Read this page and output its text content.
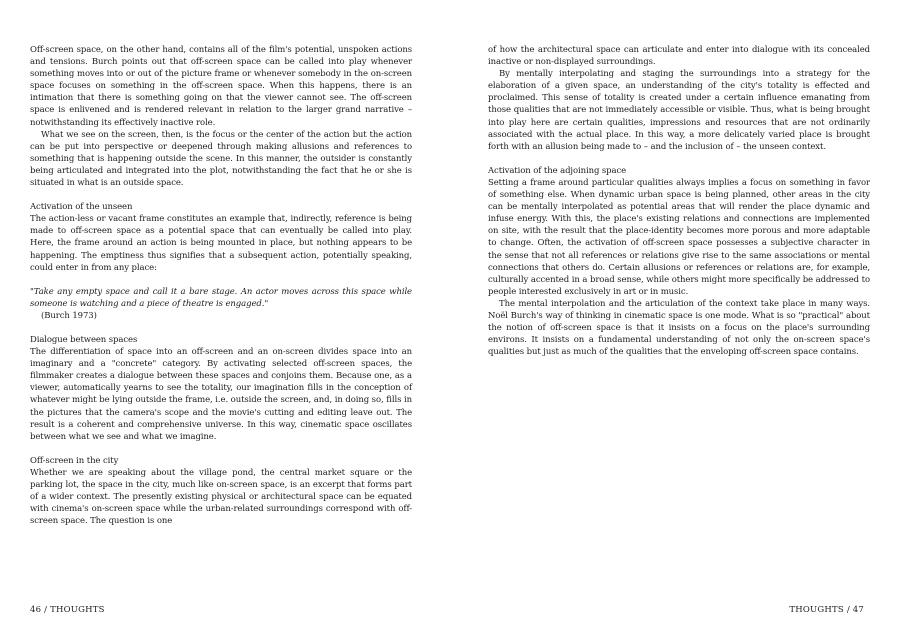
Off-screen space, on the other hand, contains all of the film's potential, unspoken actions and tensions. Burch points out that off-screen space can be called into play whenever something moves into or out of the picture frame or whenever somebody in the on-screen space focuses on something in the off-screen space. When this happens, there is an intimation that there is something going on that the viewer cannot see. The off-screen space is enlivened and is rendered relevant in relation to the larger grand narrative – notwithstanding its effectively inactive role.

What we see on the screen, then, is the focus or the center of the action but the action can be put into perspective or deepened through making allusions and references to something that is happening outside the scene. In this manner, the outsider is constantly being articulated and integrated into the plot, notwithstanding the fact that he or she is situated in what is an outside space.

Activation of the unseen

The action-less or vacant frame constitutes an example that, indirectly, reference is being made to off-screen space as a potential space that can eventually be called into play. Here, the frame around an action is being mounted in place, but nothing appears to be happening. The emptiness thus signifies that a subsequent action, potentially speaking, could enter in from any place:

"Take any empty space and call it a bare stage. An actor moves across this space while someone is watching and a piece of theatre is engaged."

(Burch 1973)

Dialogue between spaces

The differentiation of space into an off-screen and an on-screen divides space into an imaginary and a "concrete" category. By activating selected off-screen spaces, the filmmaker creates a dialogue between these spaces and conjoins them. Because one, as a viewer, automatically yearns to see the totality, our imagination fills in the conception of whatever might be lying outside the frame, i.e. outside the screen, and, in doing so, fills in the pictures that the camera's scope and the movie's cutting and editing leave out. The result is a coherent and comprehensive universe. In this way, cinematic space oscillates between what we see and what we imagine.

Off-screen in the city

Whether we are speaking about the village pond, the central market square or the parking lot, the space in the city, much like on-screen space, is an excerpt that forms part of a wider context. The presently existing physical or architectural space can be equated with cinema's on-screen space while the urban-related surroundings correspond with off-screen space. The question is one

46 / THOUGHTS

of how the architectural space can articulate and enter into dialogue with its concealed inactive or non-displayed surroundings.

By mentally interpolating and staging the surroundings into a strategy for the elaboration of a given space, an understanding of the city's totality is effected and proclaimed. This sense of totality is created under a certain influence emanating from those qualities that are not immediately accessible or visible. Thus, what is being brought into play here are certain qualities, impressions and resources that are not ordinarily associated with the actual place. In this way, a more delicately varied place is brought forth with an allusion being made to – and the inclusion of – the unseen context.

Activation of the adjoining space

Setting a frame around particular qualities always implies a focus on something in favor of something else. When dynamic urban space is being planned, other areas in the city can be mentally interpolated as potential areas that will render the place dynamic and infuse energy. With this, the place's existing relations and connections are implemented on site, with the result that the place-identity becomes more porous and more adaptable to change. Often, the activation of off-screen space possesses a subjective character in the sense that not all references or relations give rise to the same associations or mental connections that others do. Certain allusions or references or relations are, for example, culturally accented in a broad sense, while others might more specifically be addressed to people interested exclusively in art or in music.

The mental interpolation and the articulation of the context take place in many ways. Noël Burch's way of thinking in cinematic space is one mode. What is so "practical" about the notion of off-screen space is that it insists on a focus on the place's surrounding environs. It insists on a fundamental understanding of not only the on-screen space's qualities but just as much of the qualities that the enveloping off-screen space contains.

THOUGHTS / 47
